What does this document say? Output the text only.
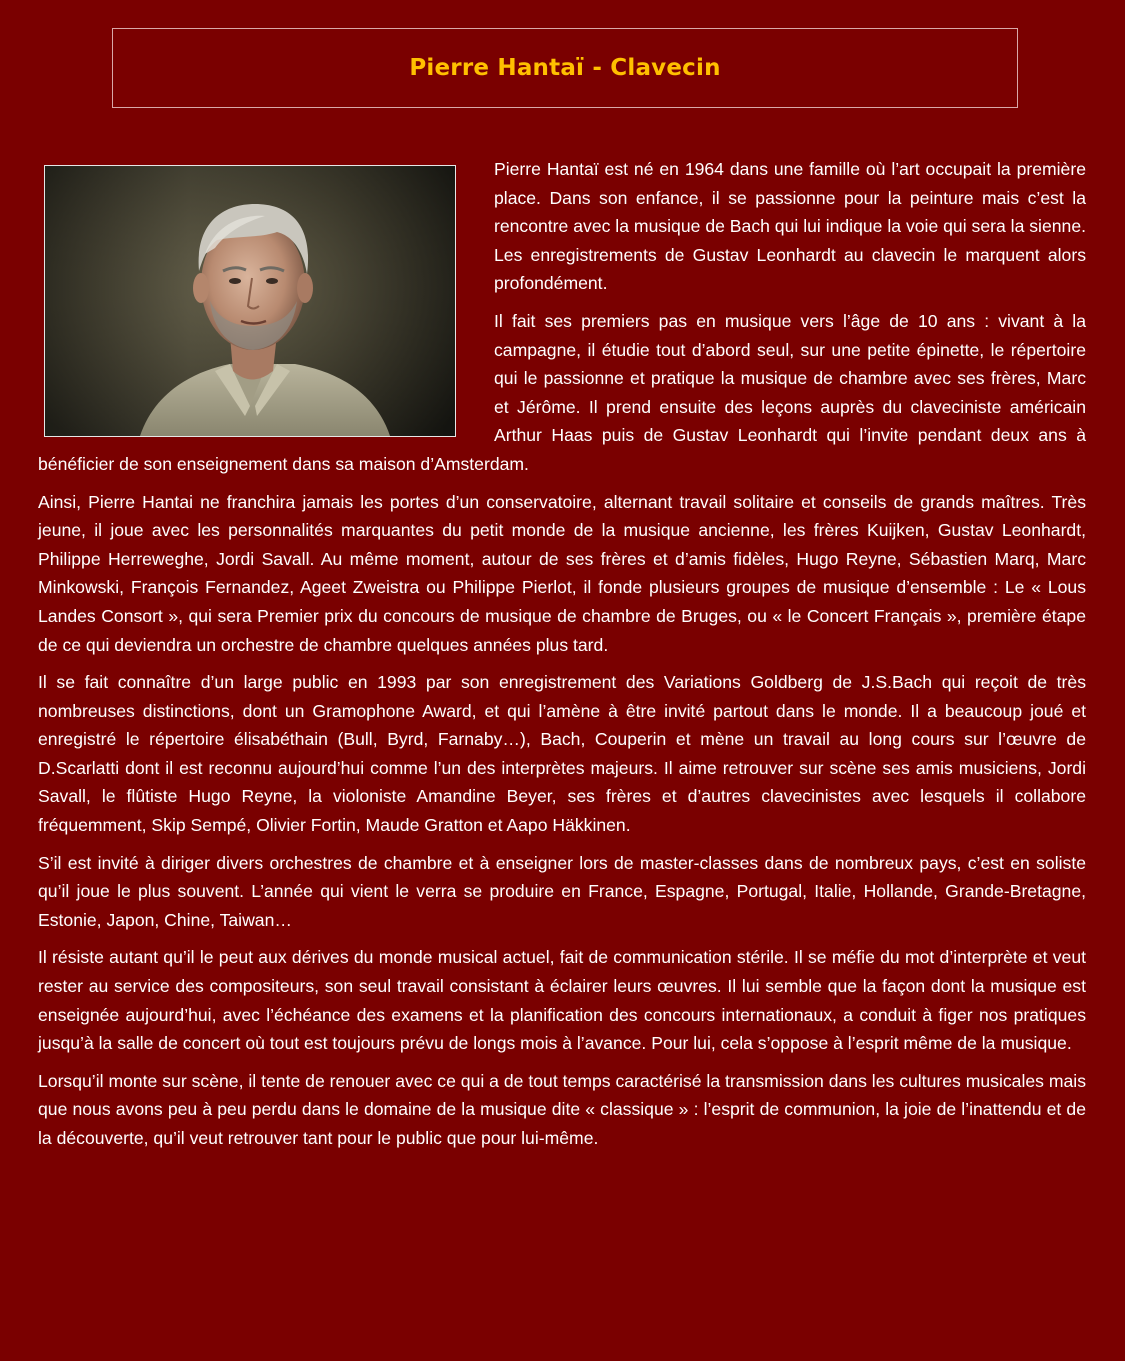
Pierre Hantaï - Clavecin

Pierre Hantaï est né en 1964 dans une famille où l’art occupait la première place. Dans son enfance, il se passionne pour la peinture mais c’est la rencontre avec la musique de Bach qui lui indique la voie qui sera la sienne. Les enregistrements de Gustav Leonhardt au clavecin le marquent alors profondément.

Il fait ses premiers pas en musique vers l’âge de 10 ans : vivant à la campagne, il étudie tout d’abord seul, sur une petite épinette, le répertoire qui le passionne et pratique la musique de chambre avec ses frères, Marc et Jérôme. Il prend ensuite des leçons auprès du claveciniste américain Arthur Haas puis de Gustav Leonhardt qui l’invite pendant deux ans à bénéficier de son enseignement dans sa maison d’Amsterdam.

Ainsi, Pierre Hantai ne franchira jamais les portes d’un conservatoire, alternant travail solitaire et conseils de grands maîtres. Très jeune, il joue avec les personnalités marquantes du petit monde de la musique ancienne, les frères Kuijken, Gustav Leonhardt, Philippe Herreweghe, Jordi Savall. Au même moment, autour de ses frères et d’amis fidèles, Hugo Reyne, Sébastien Marq, Marc Minkowski, François Fernandez, Ageet Zweistra ou Philippe Pierlot, il fonde plusieurs groupes de musique d’ensemble : Le « Lous Landes Consort », qui sera Premier prix du concours de musique de chambre de Bruges, ou « le Concert Français », première étape de ce qui deviendra un orchestre de chambre quelques années plus tard.

Il se fait connaître d’un large public en 1993 par son enregistrement des Variations Goldberg de J.S.Bach qui reçoit de très nombreuses distinctions, dont un Gramophone Award, et qui l’amène à être invité partout dans le monde. Il a beaucoup joué et enregistré le répertoire élisabéthain (Bull, Byrd, Farnaby…), Bach, Couperin et mène un travail au long cours sur l’œuvre de D.Scarlatti dont il est reconnu aujourd’hui comme l’un des interprètes majeurs. Il aime retrouver sur scène ses amis musiciens, Jordi Savall, le flûtiste Hugo Reyne, la violoniste Amandine Beyer, ses frères et d’autres clavecinistes avec lesquels il collabore fréquemment, Skip Sempé, Olivier Fortin, Maude Gratton et Aapo Häkkinen.

S’il est invité à diriger divers orchestres de chambre et à enseigner lors de master-classes dans de nombreux pays, c’est en soliste qu’il joue le plus souvent. L’année qui vient le verra se produire en France, Espagne, Portugal, Italie, Hollande, Grande-Bretagne, Estonie, Japon, Chine, Taiwan…

Il résiste autant qu’il le peut aux dérives du monde musical actuel, fait de communication stérile. Il se méfie du mot d’interprète et veut rester au service des compositeurs, son seul travail consistant à éclairer leurs œuvres. Il lui semble que la façon dont la musique est enseignée aujourd’hui, avec l’échéance des examens et la planification des concours internationaux, a conduit à figer nos pratiques jusqu’à la salle de concert où tout est toujours prévu de longs mois à l’avance. Pour lui, cela s’oppose à l’esprit même de la musique.

Lorsqu’il monte sur scène, il tente de renouer avec ce qui a de tout temps caractérisé la transmission dans les cultures musicales mais que nous avons peu à peu perdu dans le domaine de la musique dite « classique » : l’esprit de communion, la joie de l’inattendu et de la découverte, qu’il veut retrouver tant pour le public que pour lui-même.
